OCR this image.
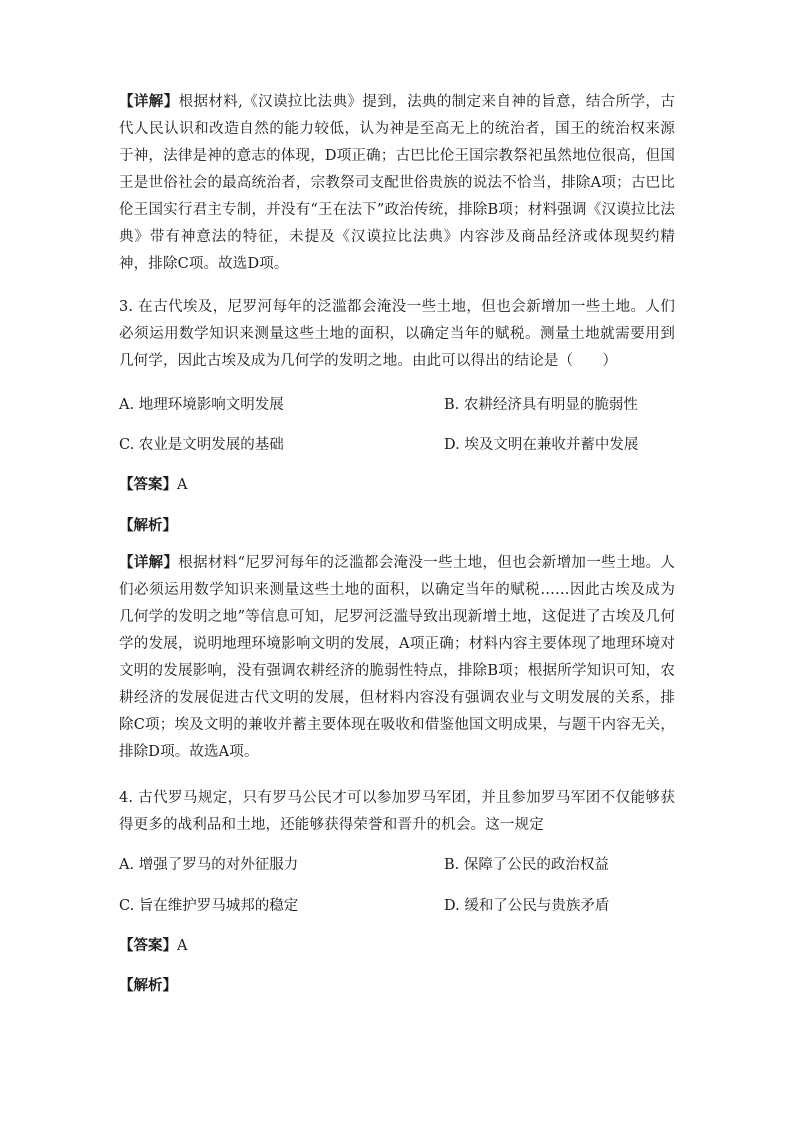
【详解】根据材料,《汉谟拉比法典》提到，法典的制定来自神的旨意，结合所学，古代人民认识和改造自然的能力较低，认为神是至高无上的统治者，国王的统治权来源于神，法律是神的意志的体现，D项正确；古巴比伦王国宗教祭祀虽然地位很高，但国王是世俗社会的最高统治者，宗教祭司支配世俗贵族的说法不恰当，排除A项；古巴比伦王国实行君主专制，并没有“王在法下”政治传统，排除B项；材料强调《汉谟拉比法典》带有神意法的特征，未提及《汉谟拉比法典》内容涉及商品经济或体现契约精神，排除C项。故选D项。

3. 在古代埃及，尼罗河每年的泛滥都会淹没一些土地，但也会新增加一些土地。人们必须运用数学知识来测量这些土地的面积，以确定当年的赋税。测量土地就需要用到几何学，因此古埃及成为几何学的发明之地。由此可以得出的结论是（　　）

A. 地理环境影响文明发展	B. 农耕经济具有明显的脆弱性
C. 农业是文明发展的基础	D. 埃及文明在兼收并蓄中发展
【答案】A
【解析】

【详解】根据材料“尼罗河每年的泛滥都会淹没一些土地，但也会新增加一些土地。人们必须运用数学知识来测量这些土地的面积，以确定当年的赋税……因此古埃及成为几何学的发明之地”等信息可知，尼罗河泛滥导致出现新增土地，这促进了古埃及几何学的发展，说明地理环境影响文明的发展，A项正确；材料内容主要体现了地理环境对文明的发展影响，没有强调农耕经济的脆弱性特点，排除B项；根据所学知识可知，农耕经济的发展促进古代文明的发展，但材料内容没有强调农业与文明发展的关系，排除C项；埃及文明的兼收并蓄主要体现在吸收和借鉴他国文明成果，与题干内容无关，排除D项。故选A项。

4. 古代罗马规定，只有罗马公民才可以参加罗马军团，并且参加罗马军团不仅能够获得更多的战利品和土地，还能够获得荣誉和晋升的机会。这一规定

A. 增强了罗马的对外征服力	B. 保障了公民的政治权益
C. 旨在维护罗马城邦的稳定	D. 缓和了公民与贵族矛盾
【答案】A
【解析】
